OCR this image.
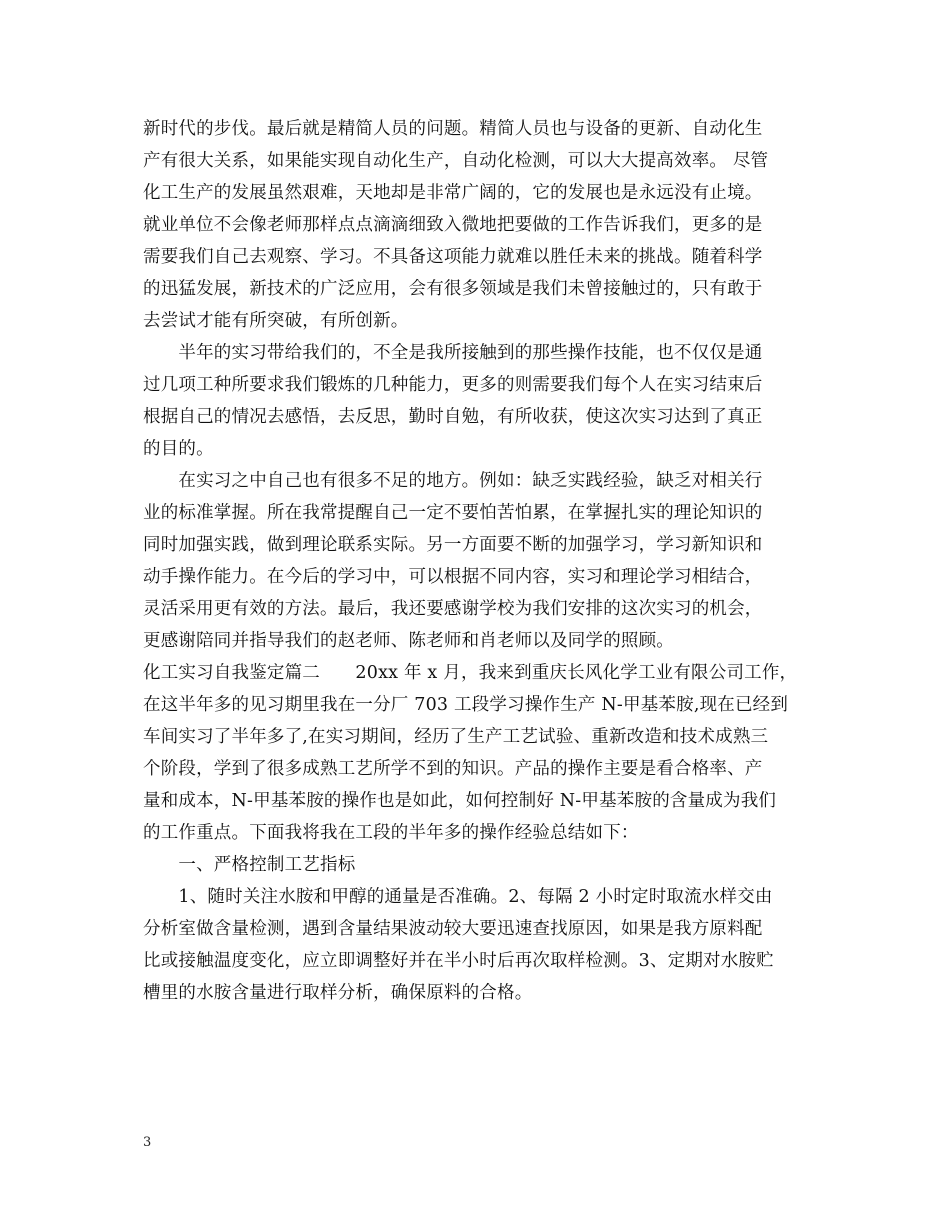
新时代的步伐。最后就是精简人员的问题。精简人员也与设备的更新、自动化生
产有很大关系，如果能实现自动化生产，自动化检测，可以大大提高效率。 尽管
化工生产的发展虽然艰难，天地却是非常广阔的，它的发展也是永远没有止境。
就业单位不会像老师那样点点滴滴细致入微地把要做的工作告诉我们，更多的是
需要我们自己去观察、学习。不具备这项能力就难以胜任未来的挑战。随着科学
的迅猛发展，新技术的广泛应用，会有很多领域是我们未曾接触过的，只有敢于
去尝试才能有所突破，有所创新。
　　半年的实习带给我们的，不全是我所接触到的那些操作技能，也不仅仅是通
过几项工种所要求我们锻炼的几种能力，更多的则需要我们每个人在实习结束后
根据自己的情况去感悟，去反思，勤时自勉，有所收获，使这次实习达到了真正
的目的。
　　在实习之中自己也有很多不足的地方。例如：缺乏实践经验，缺乏对相关行
业的标准掌握。所在我常提醒自己一定不要怕苦怕累，在掌握扎实的理论知识的
同时加强实践，做到理论联系实际。另一方面要不断的加强学习，学习新知识和
动手操作能力。在今后的学习中，可以根据不同内容，实习和理论学习相结合，
灵活采用更有效的方法。最后，我还要感谢学校为我们安排的这次实习的机会，
更感谢陪同并指导我们的赵老师、陈老师和肖老师以及同学的照顾。
化工实习自我鉴定篇二　　20xx 年 x 月，我来到重庆长风化学工业有限公司工作，
在这半年多的见习期里我在一分厂 703 工段学习操作生产 N-甲基苯胺,现在已经到
车间实习了半年多了,在实习期间，经历了生产工艺试验、重新改造和技术成熟三
个阶段，学到了很多成熟工艺所学不到的知识。产品的操作主要是看合格率、产
量和成本，N-甲基苯胺的操作也是如此，如何控制好 N-甲基苯胺的含量成为我们
的工作重点。下面我将我在工段的半年多的操作经验总结如下：
　　一、严格控制工艺指标
　　1、随时关注水胺和甲醇的通量是否准确。2、每隔 2 小时定时取流水样交由
分析室做含量检测，遇到含量结果波动较大要迅速查找原因，如果是我方原料配
比或接触温度变化，应立即调整好并在半小时后再次取样检测。3、定期对水胺贮
槽里的水胺含量进行取样分析，确保原料的合格。
3
